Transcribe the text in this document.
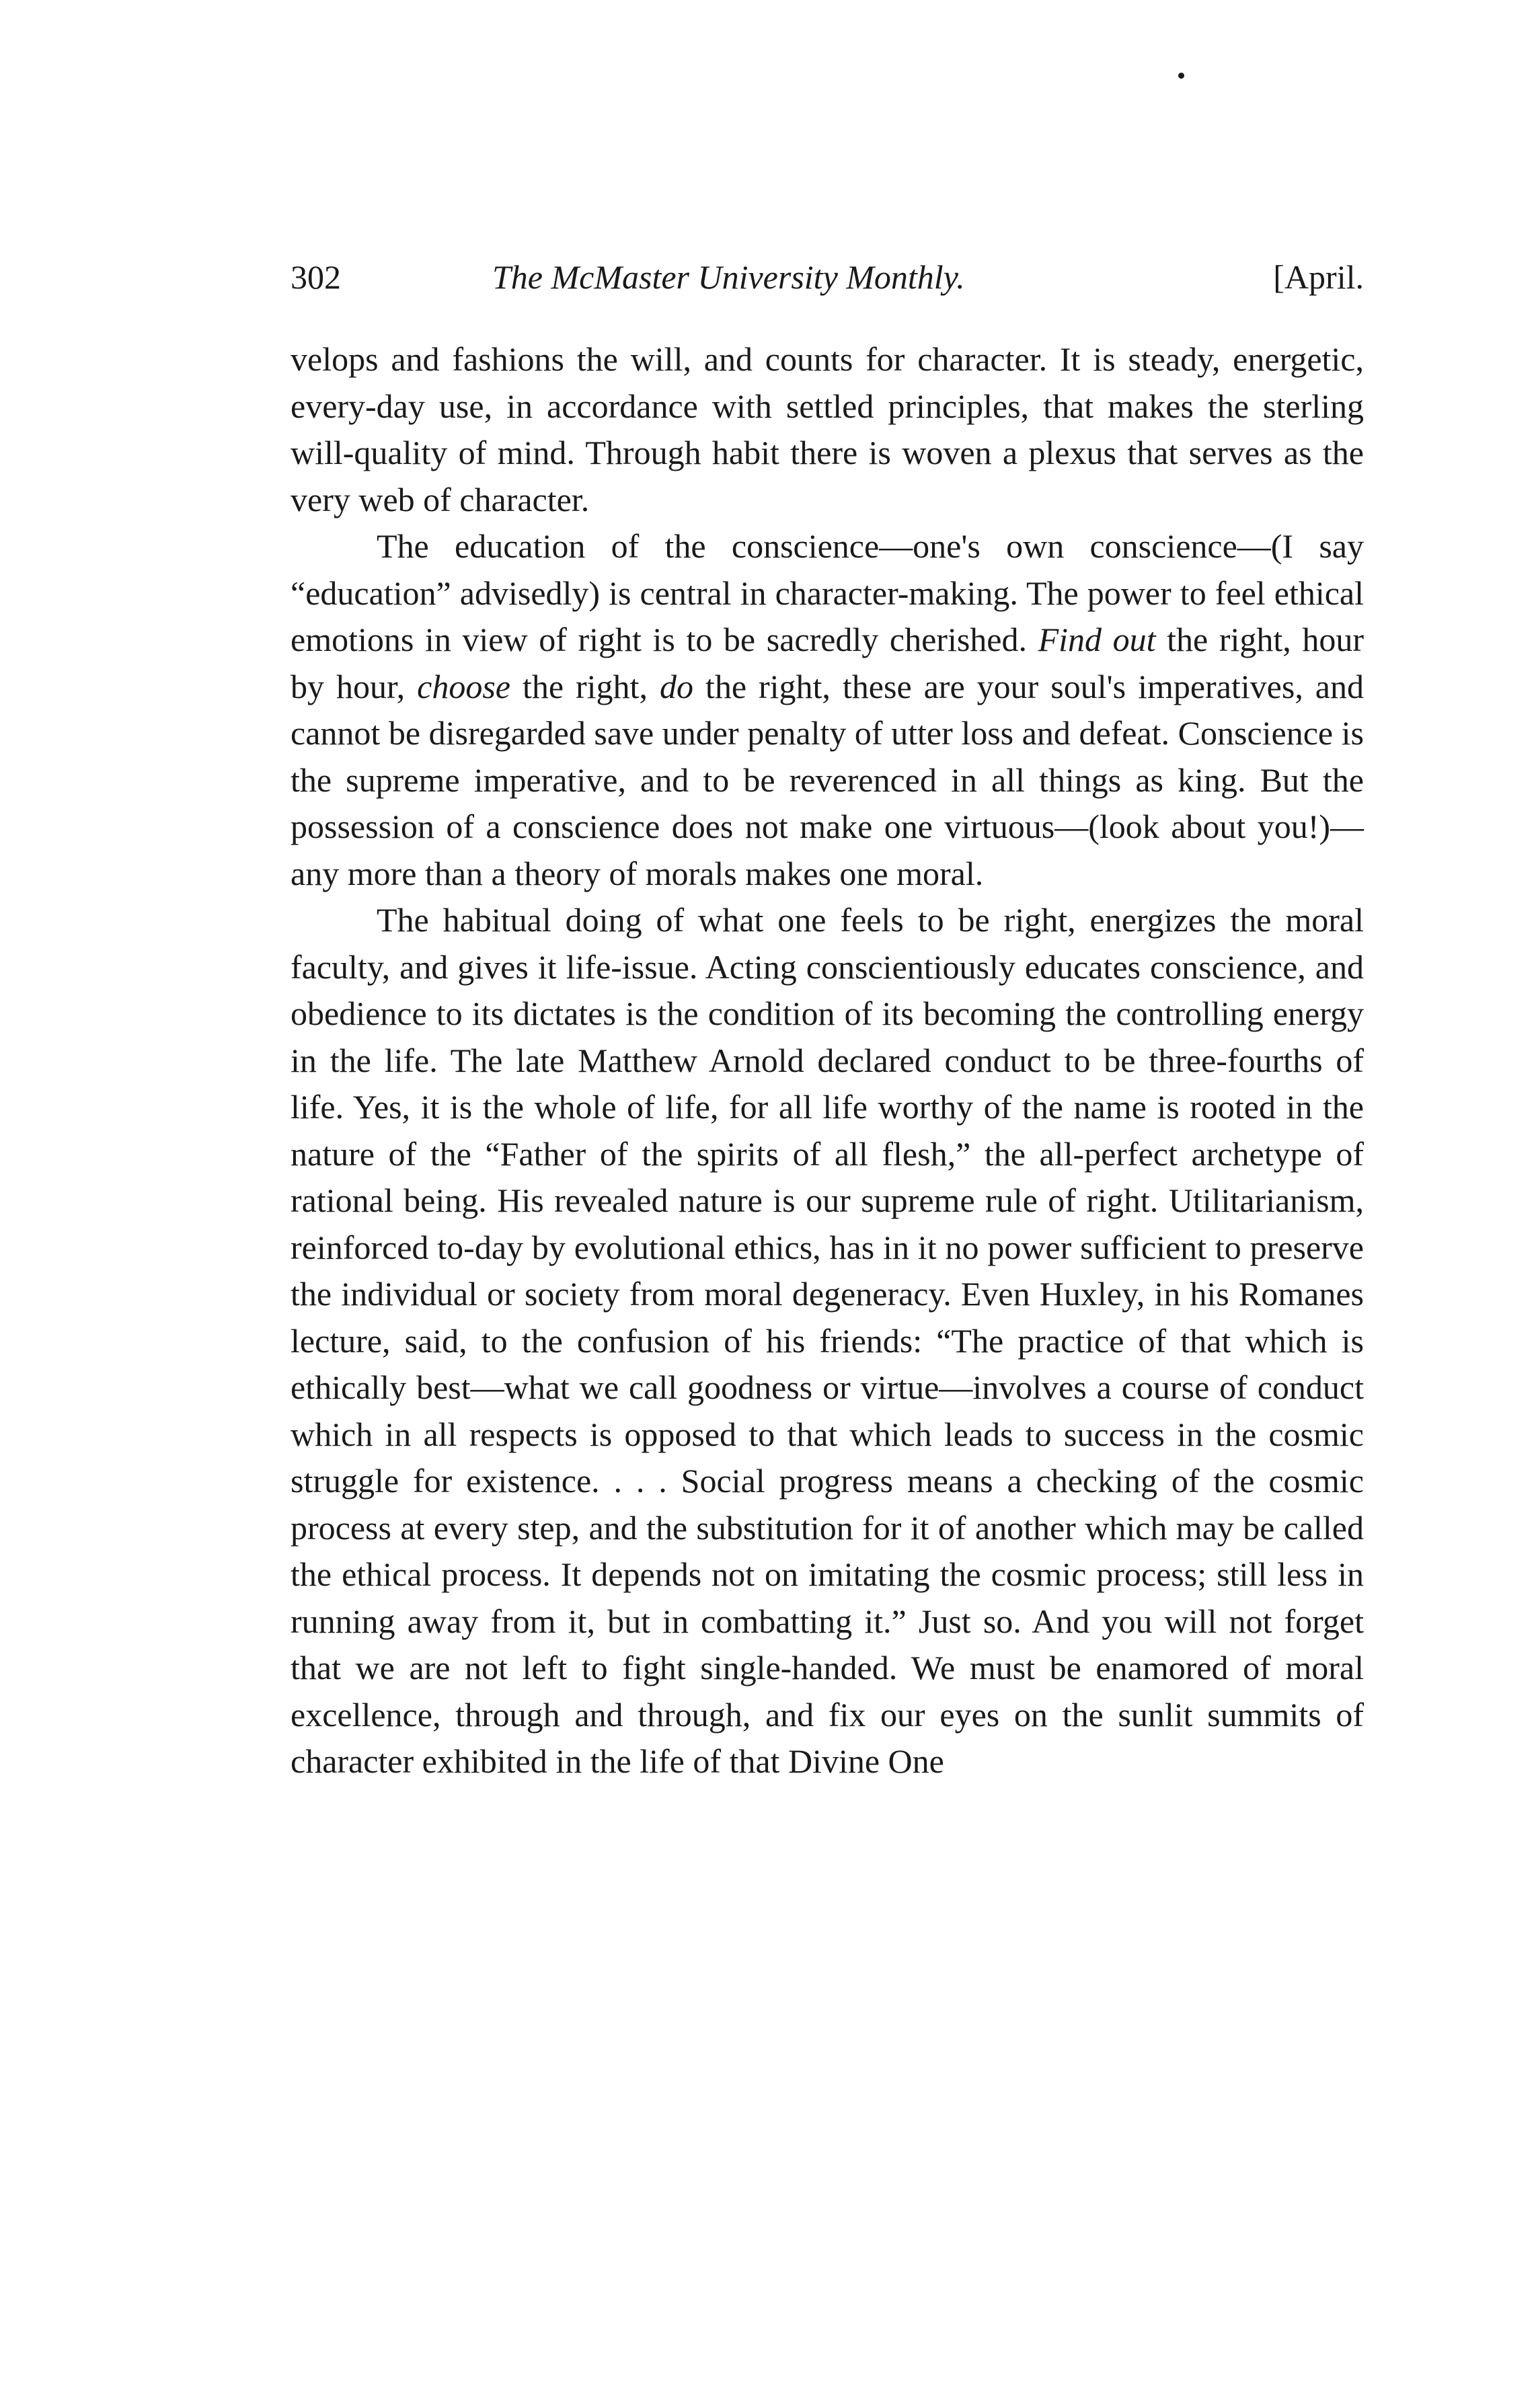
302	The McMaster University Monthly.	[April.

velops and fashions the will, and counts for character. It is steady, energetic, every-day use, in accordance with settled principles, that makes the sterling will-quality of mind. Through habit there is woven a plexus that serves as the very web of character.

The education of the conscience—one's own conscience—(I say “education” advisedly) is central in character-making. The power to feel ethical emotions in view of right is to be sacredly cherished. Find out the right, hour by hour, choose the right, do the right, these are your soul's imperatives, and cannot be disregarded save under penalty of utter loss and defeat. Conscience is the supreme imperative, and to be reverenced in all things as king. But the possession of a conscience does not make one virtuous—(look about you!)—any more than a theory of morals makes one moral.

The habitual doing of what one feels to be right, energizes the moral faculty, and gives it life-issue. Acting conscientiously educates conscience, and obedience to its dictates is the condition of its becoming the controlling energy in the life. The late Matthew Arnold declared conduct to be three-fourths of life. Yes, it is the whole of life, for all life worthy of the name is rooted in the nature of the “Father of the spirits of all flesh,” the all-perfect archetype of rational being. His revealed nature is our supreme rule of right. Utilitarianism, reinforced to-day by evolutional ethics, has in it no power sufficient to preserve the individual or society from moral degeneracy. Even Huxley, in his Romanes lecture, said, to the confusion of his friends: “The practice of that which is ethically best—what we call goodness or virtue—involves a course of conduct which in all respects is opposed to that which leads to success in the cosmic struggle for existence. . . . Social progress means a checking of the cosmic process at every step, and the substitution for it of another which may be called the ethical process. It depends not on imitating the cosmic process; still less in running away from it, but in combatting it.” Just so. And you will not forget that we are not left to fight single-handed. We must be enamored of moral excellence, through and through, and fix our eyes on the sunlit summits of character exhibited in the life of that Divine One
